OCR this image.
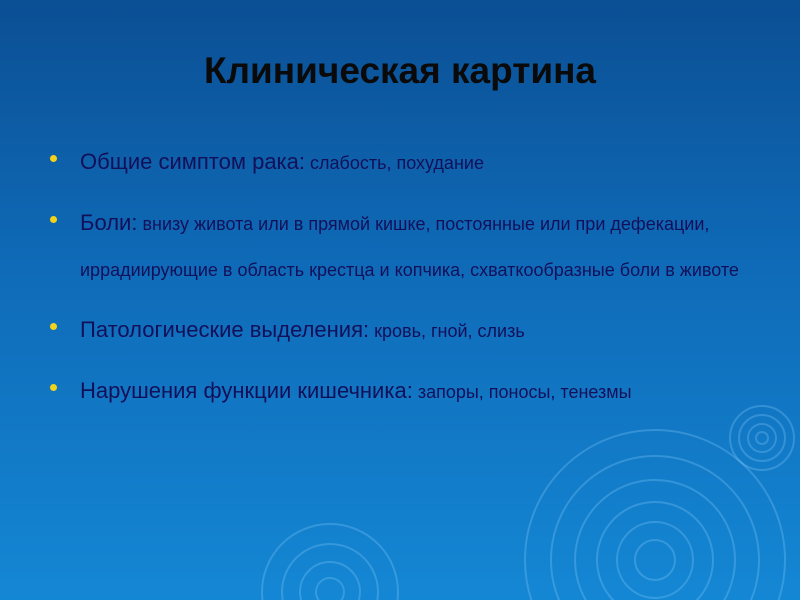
Клиническая картина
Общие симптом рака: слабость, похудание
Боли: внизу живота или в прямой кишке, постоянные или при дефекации, иррадиирующие в область крестца и копчика, схваткообразные боли в животе
Патологические выделения: кровь, гной, слизь
Нарушения функции кишечника: запоры, поносы, тенезмы
